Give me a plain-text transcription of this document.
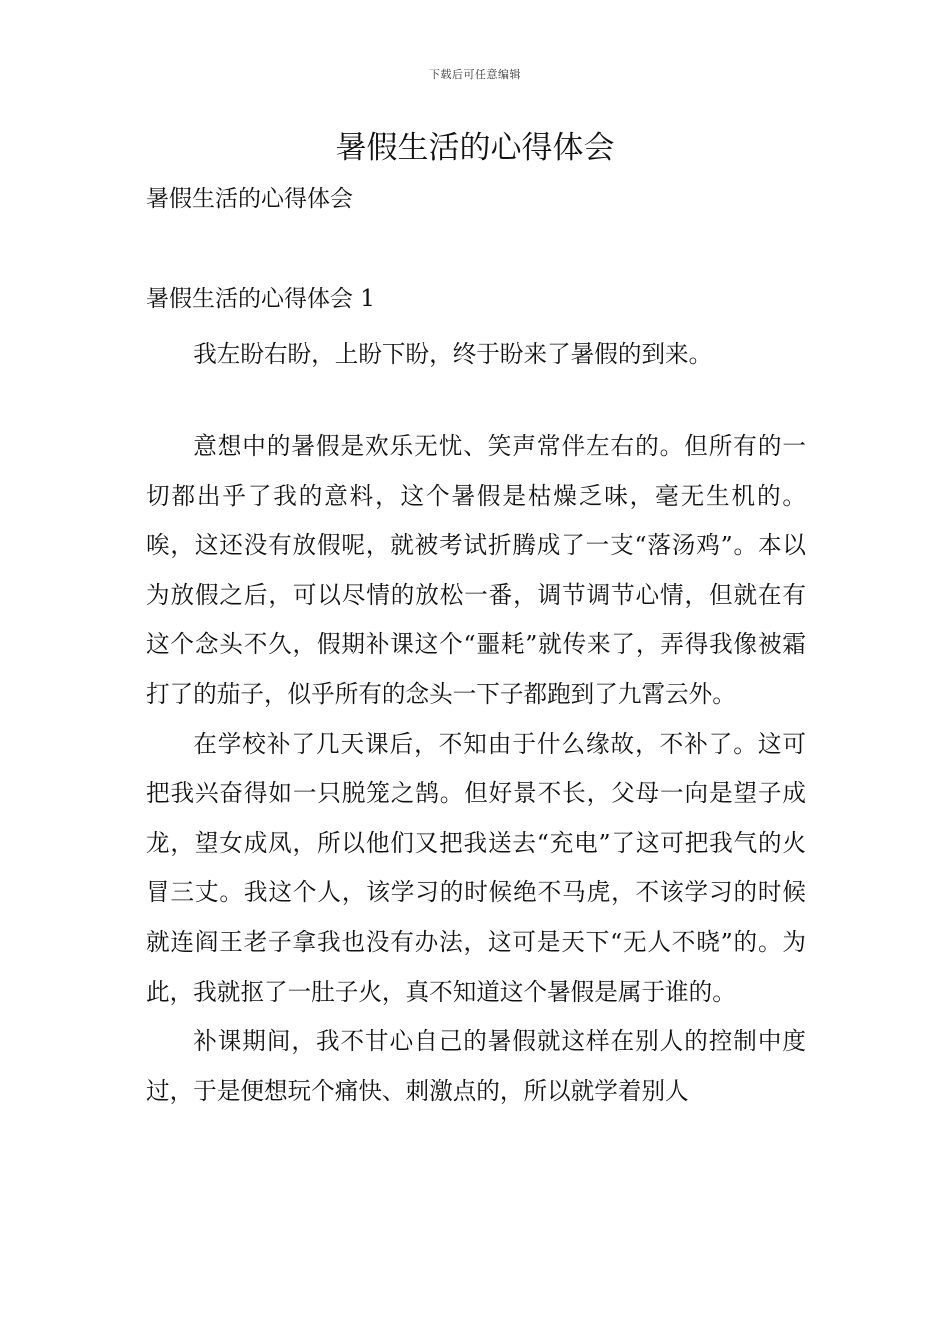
下载后可任意编辑
暑假生活的心得体会
暑假生活的心得体会
暑假生活的心得体会 1

我左盼右盼，上盼下盼，终于盼来了暑假的到来。

意想中的暑假是欢乐无忧、笑声常伴左右的。但所有的一切都出乎了我的意料，这个暑假是枯燥乏味，毫无生机的。唉，这还没有放假呢，就被考试折腾成了一支“落汤鸡”。本以为放假之后，可以尽情的放松一番，调节调节心情，但就在有这个念头不久，假期补课这个“噩耗”就传来了，弄得我像被霜打了的茄子，似乎所有的念头一下子都跑到了九霄云外。

在学校补了几天课后，不知由于什么缘故，不补了。这可把我兴奋得如一只脱笼之鹄。但好景不长，父母一向是望子成龙，望女成凤，所以他们又把我送去“充电”了这可把我气的火冒三丈。我这个人，该学习的时候绝不马虎，不该学习的时候就连阎王老子拿我也没有办法，这可是天下“无人不晓”的。为此，我就抠了一肚子火，真不知道这个暑假是属于谁的。

补课期间，我不甘心自己的暑假就这样在别人的控制中度过，于是便想玩个痛快、刺激点的，所以就学着别人
